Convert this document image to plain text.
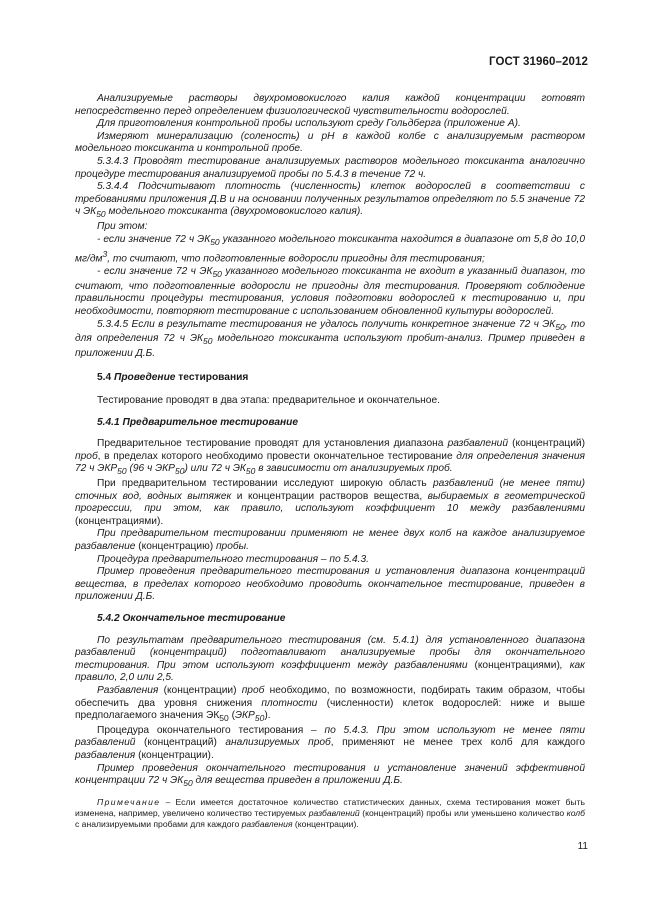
ГОСТ 31960–2012

Анализируемые растворы двухромовокислого калия каждой концентрации готовят непосредственно перед определением физиологической чувствительности водорослей.

Для приготовления контрольной пробы используют среду Гольдберга (приложение А).

Измеряют минерализацию (соленость) и рН в каждой колбе с анализируемым раствором модельного токсиканта и контрольной пробе.

5.3.4.3 Проводят тестирование анализируемых растворов модельного токсиканта аналогично процедуре тестирования анализируемой пробы по 5.4.3 в течение 72 ч.

5.3.4.4 Подсчитывают плотность (численность) клеток водорослей в соответствии с требованиями приложения Д.В и на основании полученных результатов определяют по 5.5 значение 72 ч $ЭК_{50}$ модельного токсиканта (двухромовокислого калия).

При этом:

- если значение 72 ч $ЭК_{50}$ указанного модельного токсиканта находится в диапазоне от 5,8 до 10,0 $мг/дм^3$, то считают, что подготовленные водоросли пригодны для тестирования;

- если значение 72 ч $ЭК_{50}$ указанного модельного токсиканта не входит в указанный диапазон, то считают, что подготовленные водоросли не пригодны для тестирования. Проверяют соблюдение правильности процедуры тестирования, условия подготовки водорослей к тестированию и, при необходимости, повторяют тестирование с использованием обновленной культуры водорослей.

5.3.4.5 Если в результате тестирования не удалось получить конкретное значение 72 ч $ЭК_{50}$, то для определения 72 ч $ЭК_{50}$ модельного токсиканта используют пробит-анализ. Пример приведен в приложении Д.Б.

5.4 Проведение тестирования

Тестирование проводят в два этапа: предварительное и окончательное.

5.4.1 Предварительное тестирование

Предварительное тестирование проводят для установления диапазона разбавлений (концентраций) проб, в пределах которого необходимо провести окончательное тестирование для определения значения 72 ч $ЭКР_{50}$ (96 ч $ЭКР_{50}$) или 72 ч $ЭК_{50}$ в зависимости от анализируемых проб.

При предварительном тестировании исследуют широкую область разбавлений (не менее пяти) сточных вод, водных вытяжек и концентрации растворов вещества, выбираемых в геометрической прогрессии, при этом, как правило, используют коэффициент 10 между разбавлениями (концентрациями).

При предварительном тестировании применяют не менее двух колб на каждое анализируемое разбавление (концентрацию) пробы.

Процедура предварительного тестирования – по 5.4.3.

Пример проведения предварительного тестирования и установления диапазона концентраций вещества, в пределах которого необходимо проводить окончательное тестирование, приведен в приложении Д.Б.

5.4.2 Окончательное тестирование

По результатам предварительного тестирования (см. 5.4.1) для установленного диапазона разбавлений (концентраций) подготавливают анализируемые пробы для окончательного тестирования. При этом используют коэффициент между разбавлениями (концентрациями), как правило, 2,0 или 2,5.

Разбавления (концентрации) проб необходимо, по возможности, подбирать таким образом, чтобы обеспечить два уровня снижения плотности (численности) клеток водорослей: ниже и выше предполагаемого значения $ЭК_{50}$ $(ЭКР_{50})$.

Процедура окончательного тестирования – по 5.4.3. При этом используют не менее пяти разбавлений (концентраций) анализируемых проб, применяют не менее трех колб для каждого разбавления (концентрации).

Пример проведения окончательного тестирования и установление значений эффективной концентрации 72 ч $ЭК_{50}$ для вещества приведен в приложении Д.Б.

Примечание – Если имеется достаточное количество статистических данных, схема тестирования может быть изменена, например, увеличено количество тестируемых разбавлений (концентраций) пробы или уменьшено количество колб с анализируемыми пробами для каждого разбавления (концентрации).

11
